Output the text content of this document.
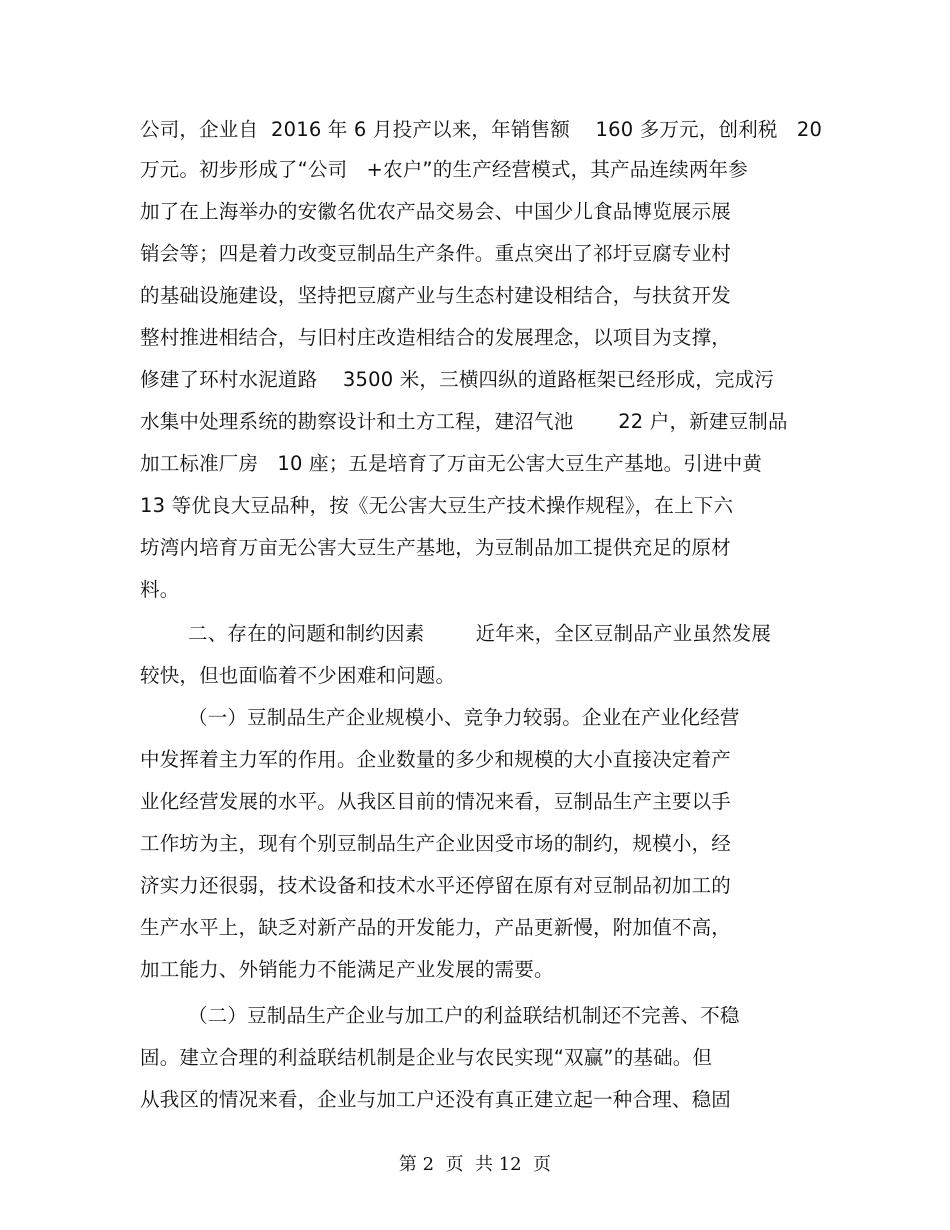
公司，企业自  2016 年 6 月投产以来，年销售额    160 多万元，创利税   20
万元。初步形成了“公司   +农户”的生产经营模式，其产品连续两年参
加了在上海举办的安徽名优农产品交易会、中国少儿食品博览展示展
销会等；四是着力改变豆制品生产条件。重点突出了祁圩豆腐专业村
的基础设施建设，坚持把豆腐产业与生态村建设相结合，与扶贫开发
整村推进相结合，与旧村庄改造相结合的发展理念，以项目为支撑，
修建了环村水泥道路    3500 米，三横四纵的道路框架已经形成，完成污
水集中处理系统的勘察设计和土方工程，建沼气池       22 户，新建豆制品
加工标准厂房   10 座；五是培育了万亩无公害大豆生产基地。引进中黄
13 等优良大豆品种，按《无公害大豆生产技术操作规程》，在上下六
坊湾内培育万亩无公害大豆生产基地，为豆制品加工提供充足的原材
料。
二、存在的问题和制约因素        近年来，全区豆制品产业虽然发展
较快，但也面临着不少困难和问题。
（一）豆制品生产企业规模小、竞争力较弱。企业在产业化经营
中发挥着主力军的作用。企业数量的多少和规模的大小直接决定着产
业化经营发展的水平。从我区目前的情况来看，豆制品生产主要以手
工作坊为主，现有个别豆制品生产企业因受市场的制约，规模小，经
济实力还很弱，技术设备和技术水平还停留在原有对豆制品初加工的
生产水平上，缺乏对新产品的开发能力，产品更新慢，附加值不高，
加工能力、外销能力不能满足产业发展的需要。
（二）豆制品生产企业与加工户的利益联结机制还不完善、不稳
固。建立合理的利益联结机制是企业与农民实现“双赢”的基础。但
从我区的情况来看，企业与加工户还没有真正建立起一种合理、稳固
第 2  页  共 12  页
